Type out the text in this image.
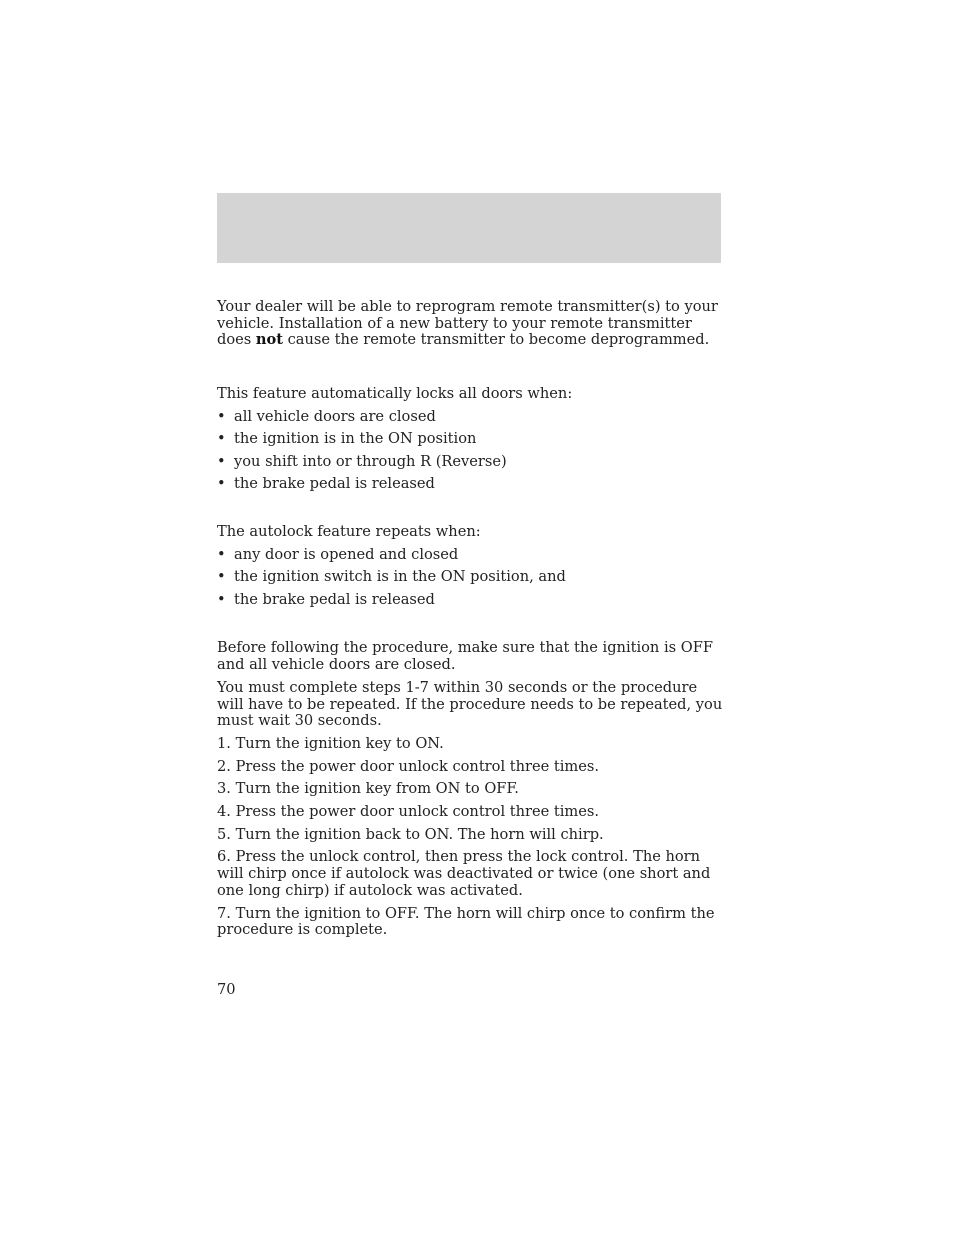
Your dealer will be able to reprogram remote transmitter(s) to your vehicle. Installation of a new battery to your remote transmitter does not cause the remote transmitter to become deprogrammed.

This feature automatically locks all doors when:

• all vehicle doors are closed
• the ignition is in the ON position
• you shift into or through R (Reverse)
• the brake pedal is released

The autolock feature repeats when:

• any door is opened and closed
• the ignition switch is in the ON position, and
• the brake pedal is released

Before following the procedure, make sure that the ignition is OFF and all vehicle doors are closed.

You must complete steps 1-7 within 30 seconds or the procedure will have to be repeated. If the procedure needs to be repeated, you must wait 30 seconds.

1. Turn the ignition key to ON.
2. Press the power door unlock control three times.
3. Turn the ignition key from ON to OFF.
4. Press the power door unlock control three times.
5. Turn the ignition back to ON. The horn will chirp.
6. Press the unlock control, then press the lock control. The horn will chirp once if autolock was deactivated or twice (one short and one long chirp) if autolock was activated.
7. Turn the ignition to OFF. The horn will chirp once to confirm the procedure is complete.
70
